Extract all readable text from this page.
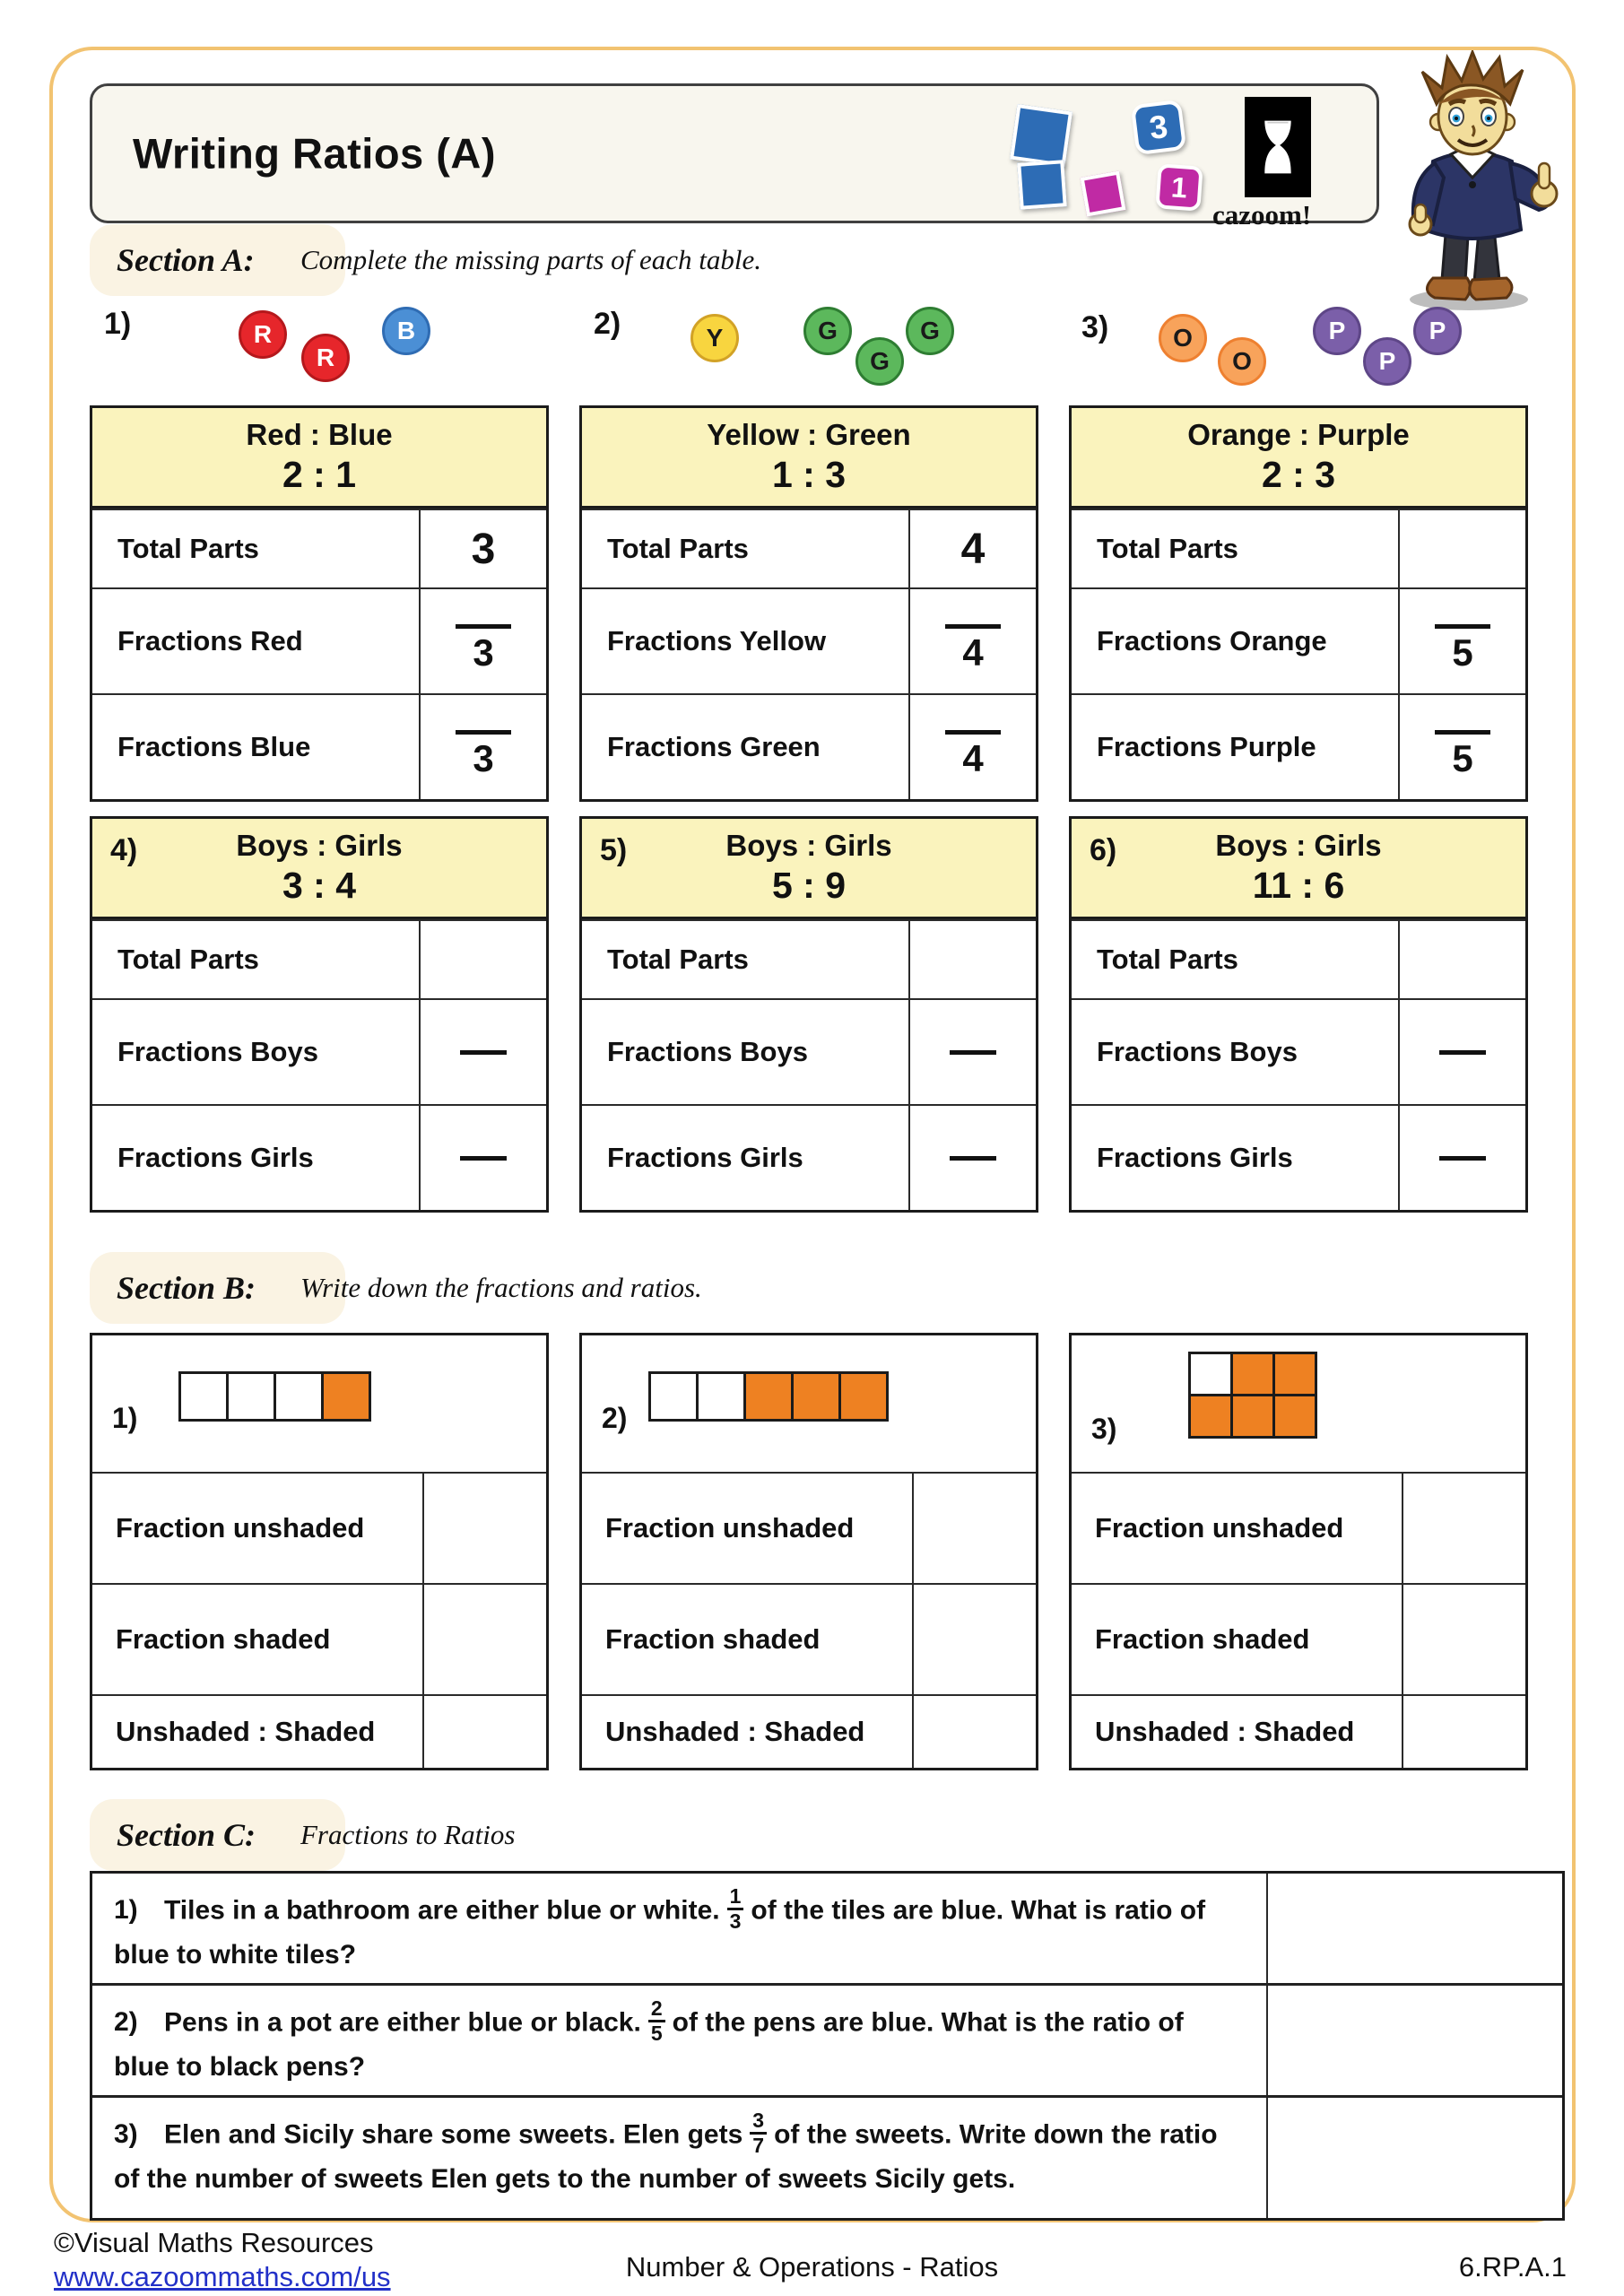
Writing Ratios (A)
3
1
cazoom!
Section A: Complete the missing parts of each table.
1)	R
R
B	2)	Y	G
G
G	3)	O
O
P
P
P
Red : Blue
2 : 1
Total Parts	3
Fractions Red	3
Fractions Blue	3
Yellow : Green
1 : 3
Total Parts	4
Fractions Yellow	4
Fractions Green	4
Orange : Purple
2 : 3
Total Parts
Fractions Orange	5
Fractions Purple	5
4)	Boys : Girls
3 : 4
Total Parts
Fractions Boys
Fractions Girls
5)	Boys : Girls
5 : 9
Total Parts
Fractions Boys
Fractions Girls
6)	Boys : Girls
11 : 6
Total Parts
Fractions Boys
Fractions Girls
Section B: Write down the fractions and ratios.
1)
Fraction unshaded
Fraction shaded
Unshaded : Shaded
2)
Fraction unshaded
Fraction shaded
Unshaded : Shaded
3)
Fraction unshaded
Fraction shaded
Unshaded : Shaded
Section C: Fractions to Ratios
1) Tiles in a bathroom are either blue or white. $\frac{1}{3}$ of the tiles are blue. What is ratio of blue to white tiles?
2) Pens in a pot are either blue or black. $\frac{2}{5}$ of the pens are blue. What is the ratio of blue to black pens?
3) Elen and Sicily share some sweets. Elen gets $\frac{3}{7}$ of the sweets. Write down the ratio of the number of sweets Elen gets to the number of sweets Sicily gets.
©Visual Maths Resources
www.cazoommaths.com/us	Number & Operations - Ratios	6.RP.A.1
